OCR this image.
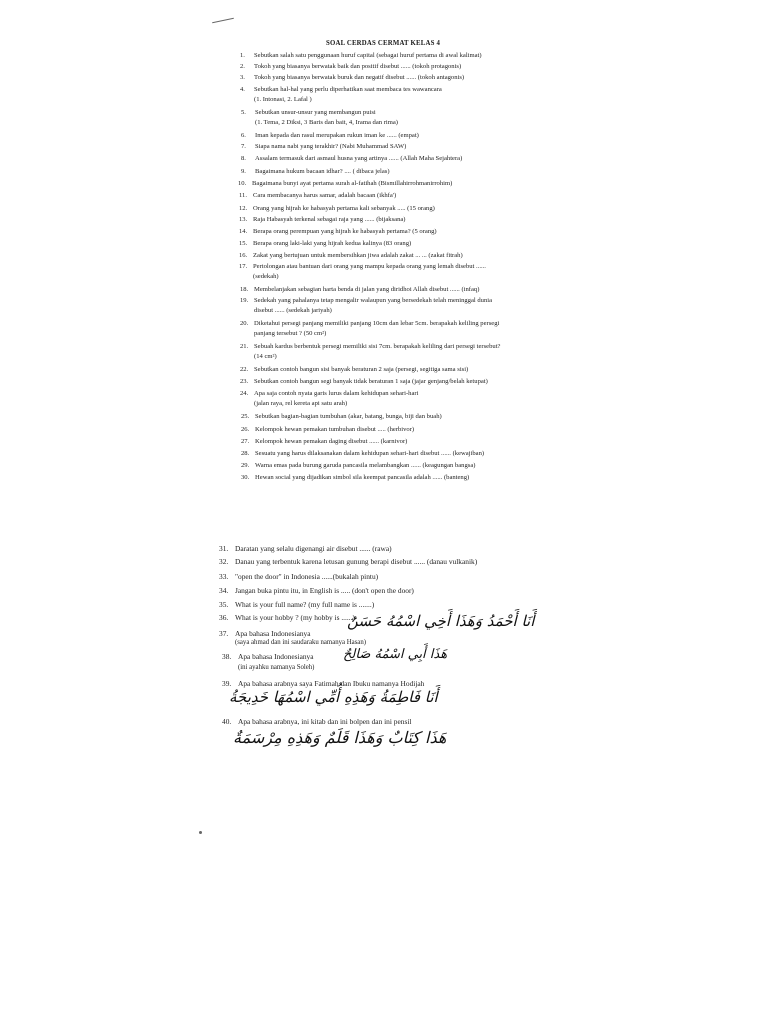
SOAL CERDAS CERMAT KELAS 4
1. Sebutkan salah satu penggunaan huruf capital (sebagai huruf pertama di awal kalimat)
2. Tokoh yang biasanya berwatak baik dan positif disebut ...... (tokoh protagonis)
3. Tokoh yang biasanya berwatak buruk dan negatif disebut ...... (tokoh antagonis)
4. Sebutkan hal-hal yang perlu diperhatikan saat membaca tes wawancara
(1. Intonasi, 2. Lafal )
5. Sebutkan unsur-unsur yang membangun puisi
(1. Tema, 2 Diksi, 3 Baris dan bait, 4, Irama dan rima)
6. Iman kepada dan rasul merupakan rukun iman ke ...... (empat)
7. Siapa nama nabi yang terakhir? (Nabi Muhammad SAW)
8. Assalam termasuk dari asmaul husna yang artinya ...... (Allah Maha Sejahtera)
9. Bagaimana hukum bacaan idhar? .... ( dibaca jelas)
10. Bagaimana bunyi ayat pertama surah al-fatihah (Bismillahirrohmanirrohim)
11. Cara membacanya harus samar, adalah bacaan (ikhfa')
12. Orang yang hijrah ke habasyah pertama kali sebanyak ..... (15 orang)
13. Raja Habasyah terkenal sebagai raja yang ...... (bijaksana)
14. Berapa orang perempuan yang hijrah ke habasyah pertama? (5 orang)
15. Berapa orang laki-laki yang hijrah kedua kalinya (83 orang)
16. Zakat yang bertujuan untuk membersihkan jiwa adalah zakat ... ... (zakat fitrah)
17. Pertolongan atau bantuan dari orang yang mampu kepada orang yang lemah disebut ......
(sedekah)
18. Membelanjakan sebagian harta benda di jalan yang diridhoi Allah disebut ...... (infaq)
19. Sedekah yang pahalanya tetap mengalir walaupun yang bersedekah telah meninggal dunia
disebut ...... (sedekah jariyah)
20. Diketahui persegi panjang memiliki panjang 10cm dan lebar 5cm. berapakah keliling persegi
panjang tersebut ? (50 cm²)
21. Sebuah kardus berbentuk persegi memiliki sisi 7cm. berapakah keliling dari persegi tersebut?
(14 cm²)
22. Sebutkan contoh bangun sisi banyak beraturan 2 saja (persegi, segitiga sama sisi)
23. Sebutkan contoh bangun segi banyak tidak beraturan 1 saja (jajar genjang/belah ketupat)
24. Apa saja contoh nyata garis lurus dalam kehidupan sehari-hari
(jalan raya, rel kereta api satu arah)
25. Sebutkan bagian-bagian tumbuhan (akar, batang, bunga, biji dan buah)
26. Kelompok hewan pemakan tumbuhan disebut ..... (herbivor)
27. Kelompok hewan pemakan daging disebut ...... (karnivor)
28. Sesuatu yang harus dilaksanakan dalam kehidupan sehari-hari disebut ...... (kewajiban)
29. Warna emas pada burung garuda pancasila melambangkan ...... (keagungan bangsa)
30. Hewan social yang dijadikan simbol sila keempat pancasila adalah ...... (banteng)
31. Daratan yang selalu digenangi air disebut ...... (rawa)
32. Danau yang terbentuk karena letusan gunung berapi disebut ...... (danau vulkanik)
33. "open the door" in Indonesia ......(bukalah pintu)
34. Jangan buka pintu itu, in English is ..... (don't open the door)
35. What is your full name? (my full name is .......)
36. What is your hobby ? (my hobby is ......)
37. Apa bahasa Indonesianya
(saya ahmad dan ini saudaraku namanya Hasan)
38. Apa bahasa Indonesianya
(ini ayahku namanya Soleh)
39. Apa bahasa arabnya saya Fatimah dan Ibuku namanya Hodijah
40. Apa bahasa arabnya, ini kitab dan ini bolpen dan ini pensil
أَنَا أَحْمَدُ وَهَذَا أَخِي اسْمُهُ حَسَنٌ
هَذَا أَبِي اسْمُهُ صَالِحٌ
أَنَا فَاطِمَةُ وَهَذِهِ أُمِّي اسْمُهَا خَدِيجَةُ
هَذَا كِتَابٌ وَهَذَا قَلَمٌ وَهَذِهِ مِرْسَمَةٌ
